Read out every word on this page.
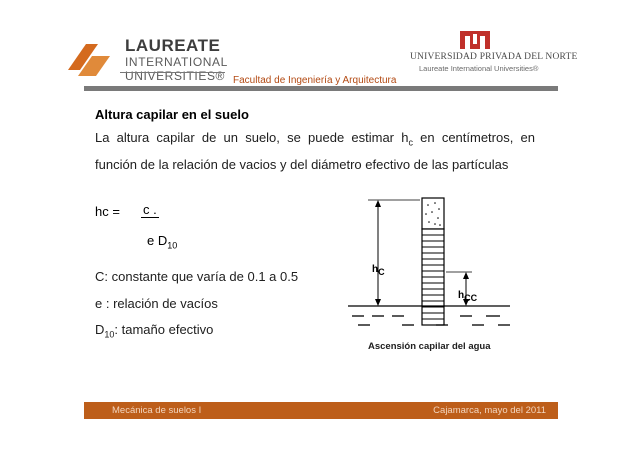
LAUREATE
INTERNATIONAL
UNIVERSITIES® Facultad de Ingeniería y Arquitectura
UNIVERSIDAD PRIVADA DEL NORTE
Laureate International Universities®
Altura capilar en el suelo
La altura capilar de un suelo, se puede estimar $h_c$ en centímetros, en
función de la relación de vacios y del diámetro efectivo de las partículas
hc = c .
e $D_{10}$
C: constante que varía de 0.1 a 0.5
e : relación de vacíos
$D_{10}$: tamaño efectivo
$h_C$
$h_{CC}$
Ascensión capilar del agua
Mecánica de suelos I	Cajamarca, mayo del 2011
